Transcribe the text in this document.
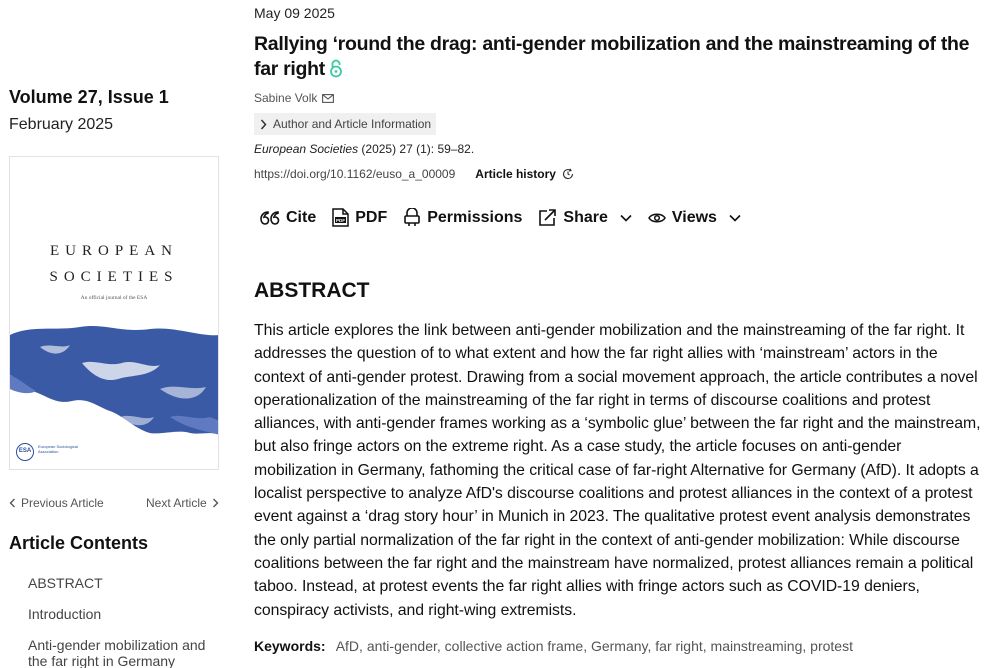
Volume 27, Issue 1
February 2025
EUROPEAN
SOCIETIES
An official journal of the ESA
ESA
European Sociological Association
Previous Article	Next Article
Article Contents
ABSTRACT
Introduction
Anti-gender mobilization and the far right in Germany
May 09 2025
Rallying ‘round the drag: anti-gender mobilization and the mainstreaming of the far right
Sabine Volk
Author and Article Information
European Societies (2025) 27 (1): 59–82.
https://doi.org/10.1162/euso_a_00009 Article history
Cite	PDF PDF	Permissions	Share	Views
ABSTRACT

This article explores the link between anti-gender mobilization and the mainstreaming of the far right. It addresses the question of to what extent and how the far right allies with ‘mainstream’ actors in the context of anti-gender protest. Drawing from a social movement approach, the article contributes a novel operationalization of the mainstreaming of the far right in terms of discourse coalitions and protest alliances, with anti-gender frames working as a ‘symbolic glue’ between the far right and the mainstream, but also fringe actors on the extreme right. As a case study, the article focuses on anti-gender mobilization in Germany, fathoming the critical case of far-right Alternative for Germany (AfD). It adopts a localist perspective to analyze AfD's discourse coalitions and protest alliances in the context of a protest event against a ‘drag story hour’ in Munich in 2023. The qualitative protest event analysis demonstrates the only partial normalization of the far right in the context of anti-gender mobilization: While discourse coalitions between the far right and the mainstream have normalized, protest alliances remain a political taboo. Instead, at protest events the far right allies with fringe actors such as COVID-19 deniers, conspiracy activists, and right-wing extremists.

Keywords: AfD, anti-gender, collective action frame, Germany, far right, mainstreaming, protest
